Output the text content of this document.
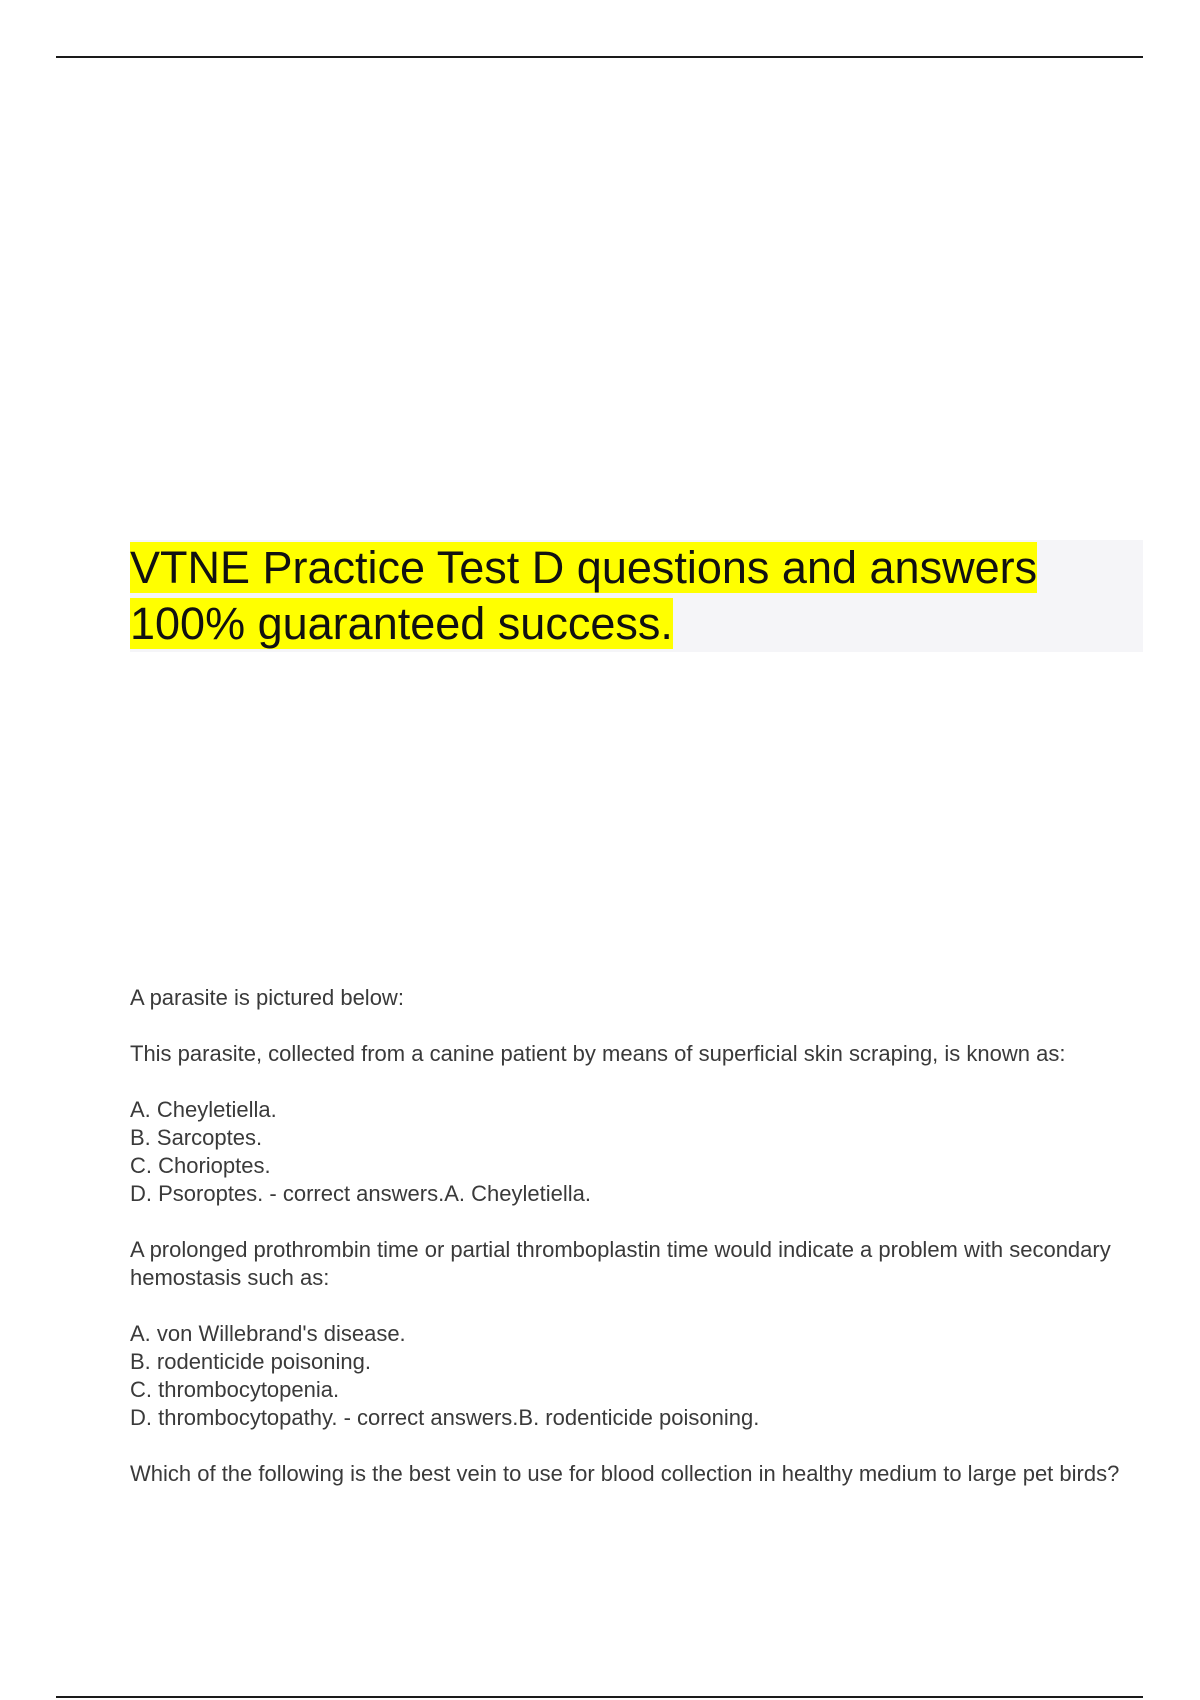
VTNE Practice Test D questions and answers
100% guaranteed success.

A parasite is pictured below:

This parasite, collected from a canine patient by means of superficial skin scraping, is known as:

A. Cheyletiella.

B. Sarcoptes.

C. Chorioptes.

D. Psoroptes. - correct answers.A. Cheyletiella.

A prolonged prothrombin time or partial thromboplastin time would indicate a problem with secondary hemostasis such as:

A. von Willebrand's disease.

B. rodenticide poisoning.

C. thrombocytopenia.

D. thrombocytopathy. - correct answers.B. rodenticide poisoning.

Which of the following is the best vein to use for blood collection in healthy medium to large pet birds?
